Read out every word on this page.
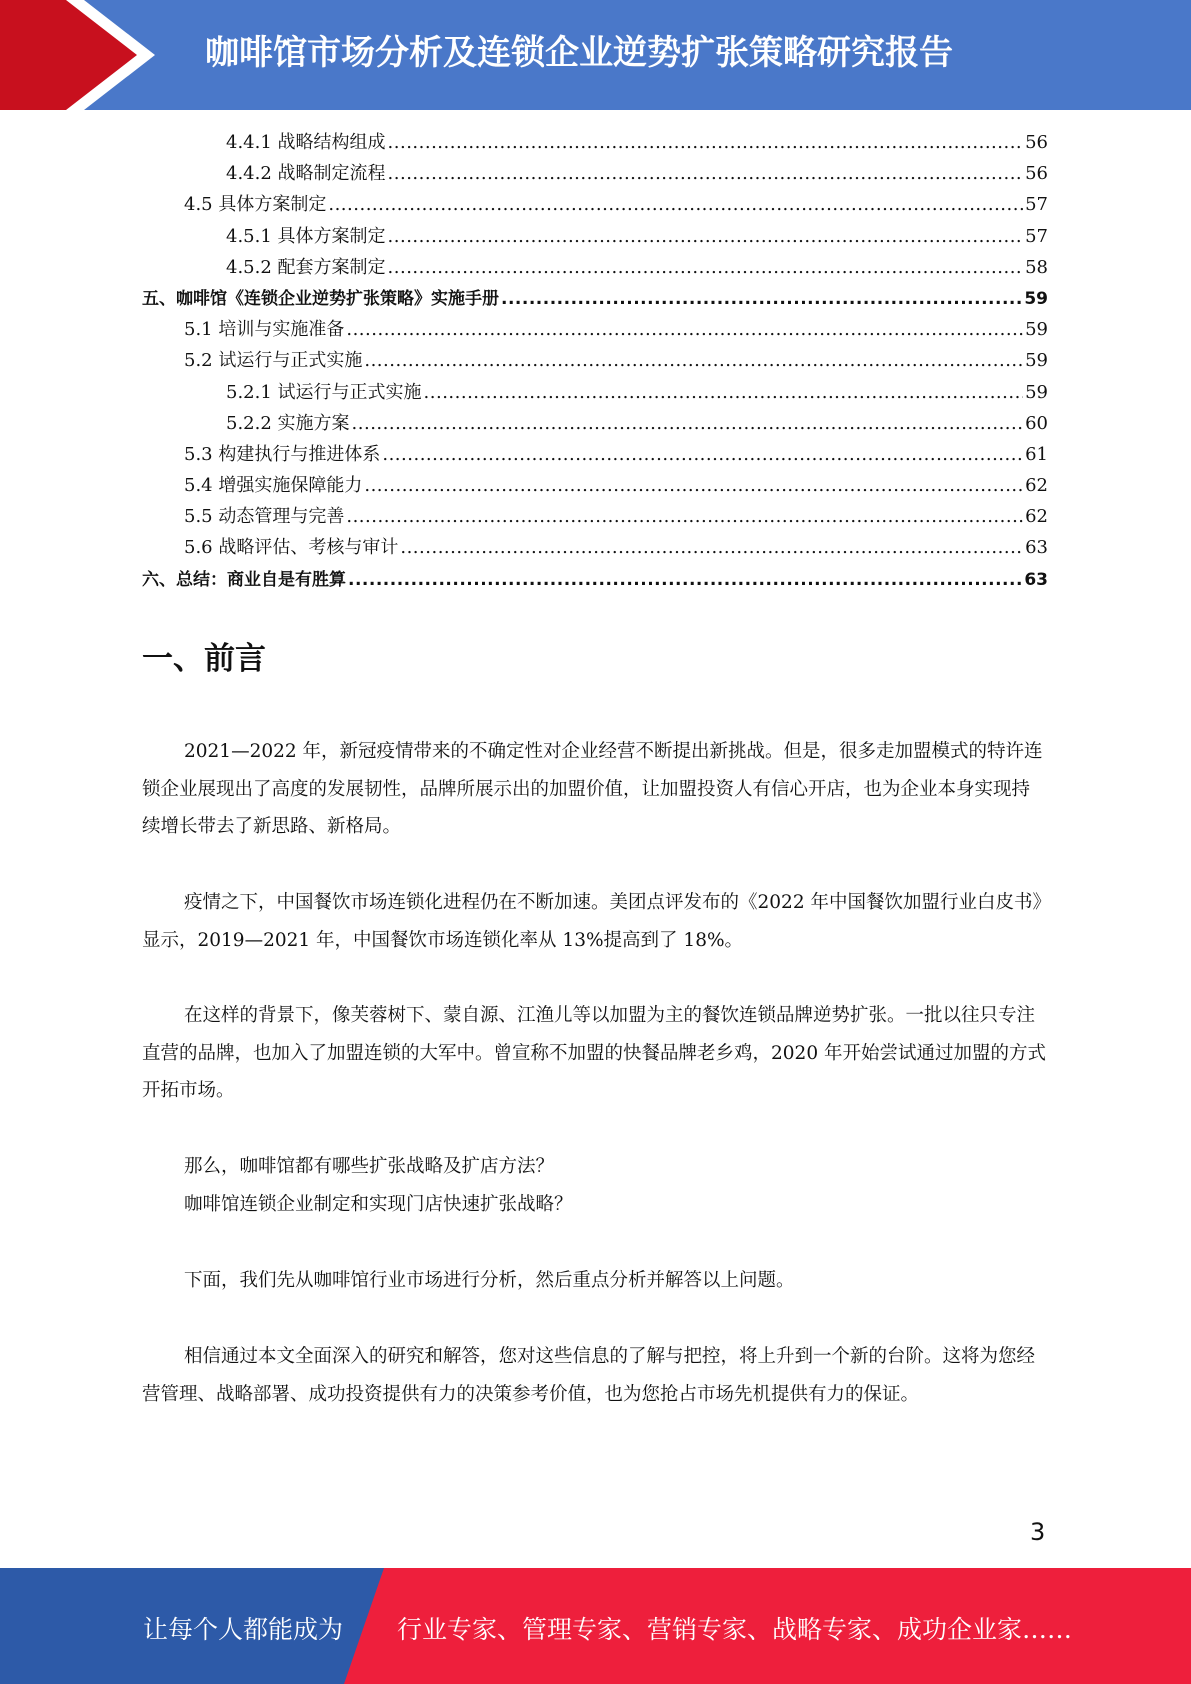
咖啡馆市场分析及连锁企业逆势扩张策略研究报告
4.4.1 战略结构组成 .....	56
4.4.2 战略制定流程 .....	56
4.5 具体方案制定 .....	57
4.5.1 具体方案制定 .....	57
4.5.2 配套方案制定 .....	58
五、咖啡馆《连锁企业逆势扩张策略》实施手册 .....	59
5.1 培训与实施准备 .....	59
5.2 试运行与正式实施 .....	59
5.2.1 试运行与正式实施 .....	59
5.2.2 实施方案 .....	60
5.3 构建执行与推进体系 .....	61
5.4 增强实施保障能力 .....	62
5.5 动态管理与完善 .....	62
5.6 战略评估、考核与审计 .....	63
六、总结：商业自是有胜算 .....	63
一、前言

2021—2022 年，新冠疫情带来的不确定性对企业经营不断提出新挑战。但是，很多走加盟模式的特许连锁企业展现出了高度的发展韧性，品牌所展示出的加盟价值，让加盟投资人有信心开店，也为企业本身实现持续增长带去了新思路、新格局。

疫情之下，中国餐饮市场连锁化进程仍在不断加速。美团点评发布的《2022 年中国餐饮加盟行业白皮书》显示，2019—2021 年，中国餐饮市场连锁化率从 13%提高到了 18%。

在这样的背景下，像芙蓉树下、蒙自源、江渔儿等以加盟为主的餐饮连锁品牌逆势扩张。一批以往只专注直营的品牌，也加入了加盟连锁的大军中。曾宣称不加盟的快餐品牌老乡鸡，2020 年开始尝试通过加盟的方式开拓市场。

那么，咖啡馆都有哪些扩张战略及扩店方法？

咖啡馆连锁企业制定和实现门店快速扩张战略？

下面，我们先从咖啡馆行业市场进行分析，然后重点分析并解答以上问题。

相信通过本文全面深入的研究和解答，您对这些信息的了解与把控，将上升到一个新的台阶。这将为您经营管理、战略部署、成功投资提供有力的决策参考价值，也为您抢占市场先机提供有力的保证。

3
让每个人都能成为 行业专家、管理专家、营销专家、战略专家、成功企业家……
